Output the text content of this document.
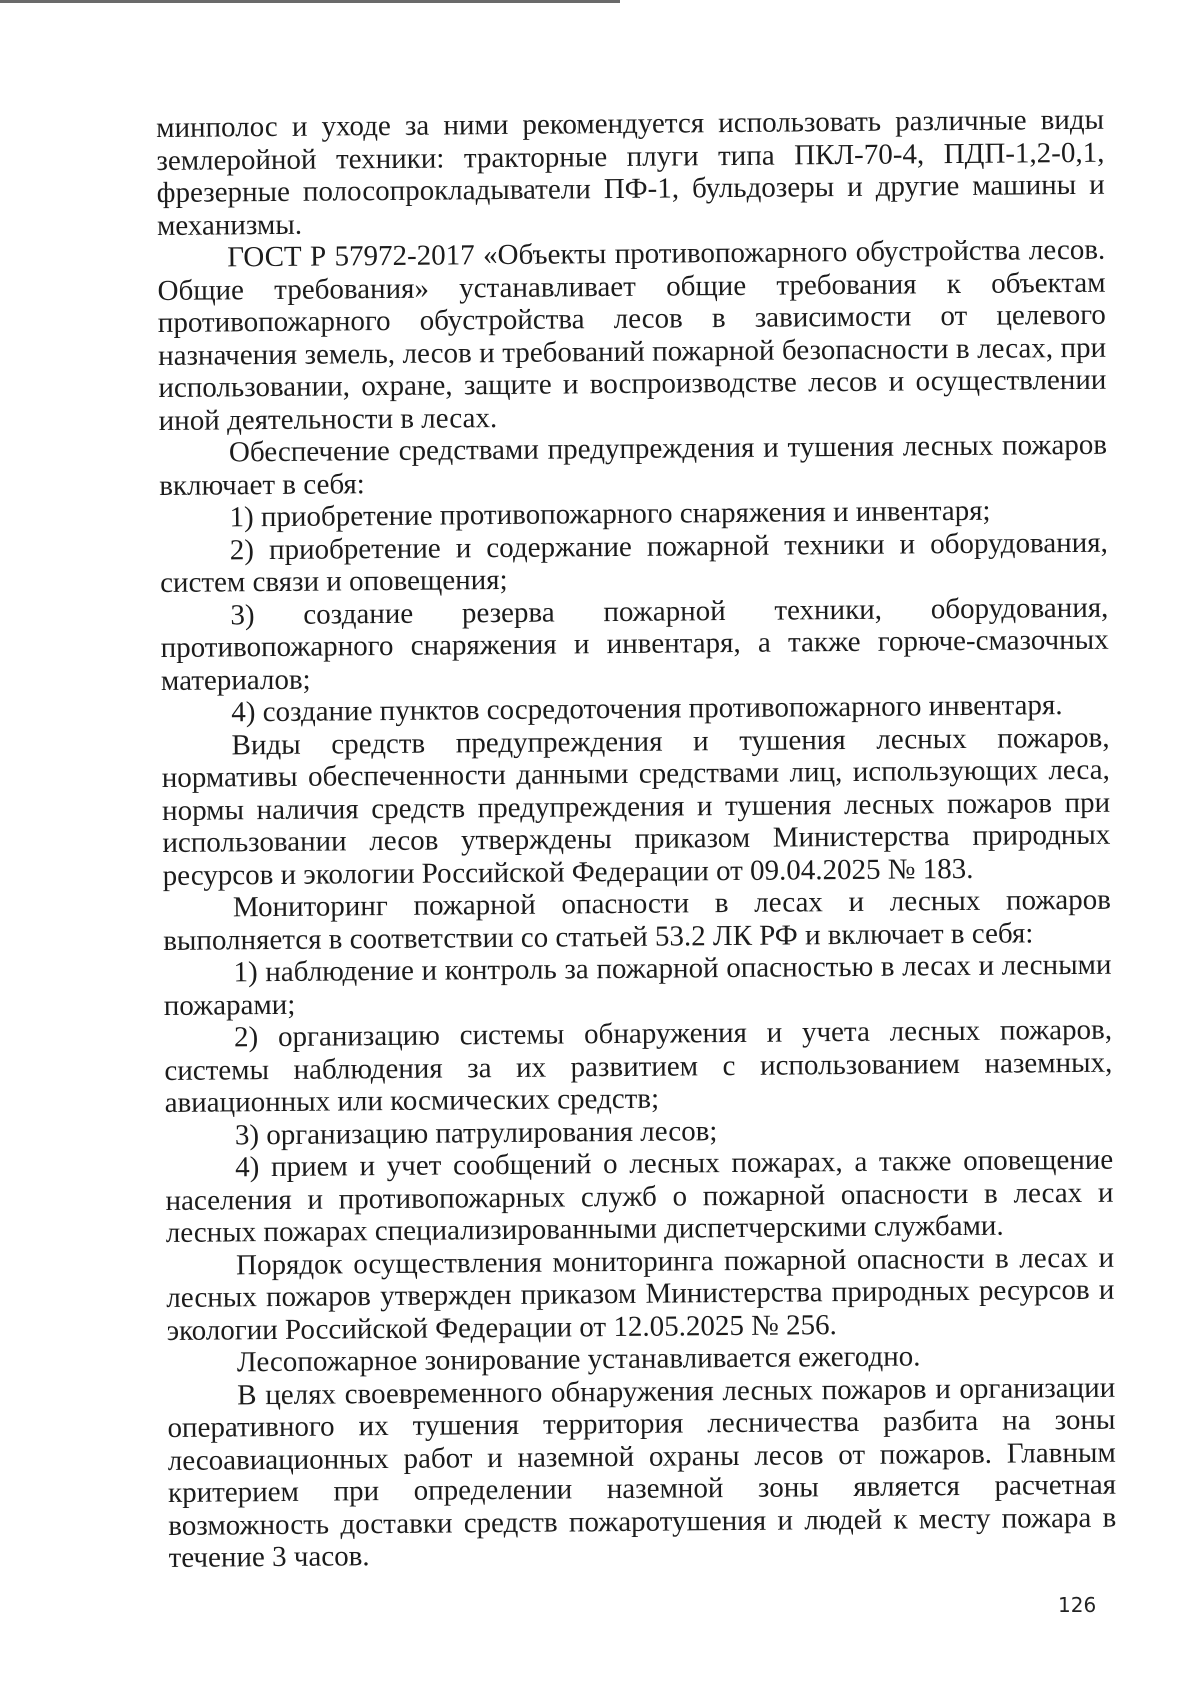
минполос и уходе за ними рекомендуется использовать различные виды землеройной техники: тракторные плуги типа ПКЛ-70-4, ПДП-1,2-0,1, фрезерные полосопрокладыватели ПФ-1, бульдозеры и другие машины и механизмы.

ГОСТ Р 57972-2017 «Объекты противопожарного обустройства лесов. Общие требования» устанавливает общие требования к объектам противопожарного обустройства лесов в зависимости от целевого назначения земель, лесов и требований пожарной безопасности в лесах, при использовании, охране, защите и воспроизводстве лесов и осуществлении иной деятельности в лесах.

Обеспечение средствами предупреждения и тушения лесных пожаров включает в себя:

1) приобретение противопожарного снаряжения и инвентаря;

2) приобретение и содержание пожарной техники и оборудования, систем связи и оповещения;

3) создание резерва пожарной техники, оборудования, противопожарного снаряжения и инвентаря, а также горюче-смазочных материалов;

4) создание пунктов сосредоточения противопожарного инвентаря.

Виды средств предупреждения и тушения лесных пожаров, нормативы обеспеченности данными средствами лиц, использующих леса, нормы наличия средств предупреждения и тушения лесных пожаров при использовании лесов утверждены приказом Министерства природных ресурсов и экологии Российской Федерации от 09.04.2025 № 183.

Мониторинг пожарной опасности в лесах и лесных пожаров выполняется в соответствии со статьей 53.2 ЛК РФ и включает в себя:

1) наблюдение и контроль за пожарной опасностью в лесах и лесными пожарами;

2) организацию системы обнаружения и учета лесных пожаров, системы наблюдения за их развитием с использованием наземных, авиационных или космических средств;

3) организацию патрулирования лесов;

4) прием и учет сообщений о лесных пожарах, а также оповещение населения и противопожарных служб о пожарной опасности в лесах и лесных пожарах специализированными диспетчерскими службами.

Порядок осуществления мониторинга пожарной опасности в лесах и лесных пожаров утвержден приказом Министерства природных ресурсов и экологии Российской Федерации от 12.05.2025 № 256.

Лесопожарное зонирование устанавливается ежегодно.

В целях своевременного обнаружения лесных пожаров и организации оперативного их тушения территория лесничества разбита на зоны лесоавиационных работ и наземной охраны лесов от пожаров. Главным критерием при определении наземной зоны является расчетная возможность доставки средств пожаротушения и людей к месту пожара в течение 3 часов.

126
